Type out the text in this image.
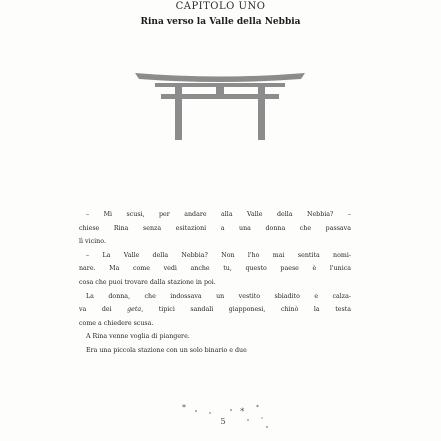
CAPITOLO UNO
Rina verso la Valle della Nebbia

– Mi scusi, per andare alla Valle della Nebbia? –

chiese Rina senza esitazioni a una donna che passava

lì vicino.

– La Valle della Nebbia? Non l'ho mai sentita nomi-

nare. Ma come vedi anche tu, questo paese è l'unica

cosa che puoi trovare dalla stazione in poi.

La donna, che indossava un vestito sbiadito e calza-

va dei geta, tipici sandali giapponesi, chinò la testa

come a chiedere scusa.

A Rina venne voglia di piangere.

Era una piccola stazione con un solo binario e due

*	* *
5
